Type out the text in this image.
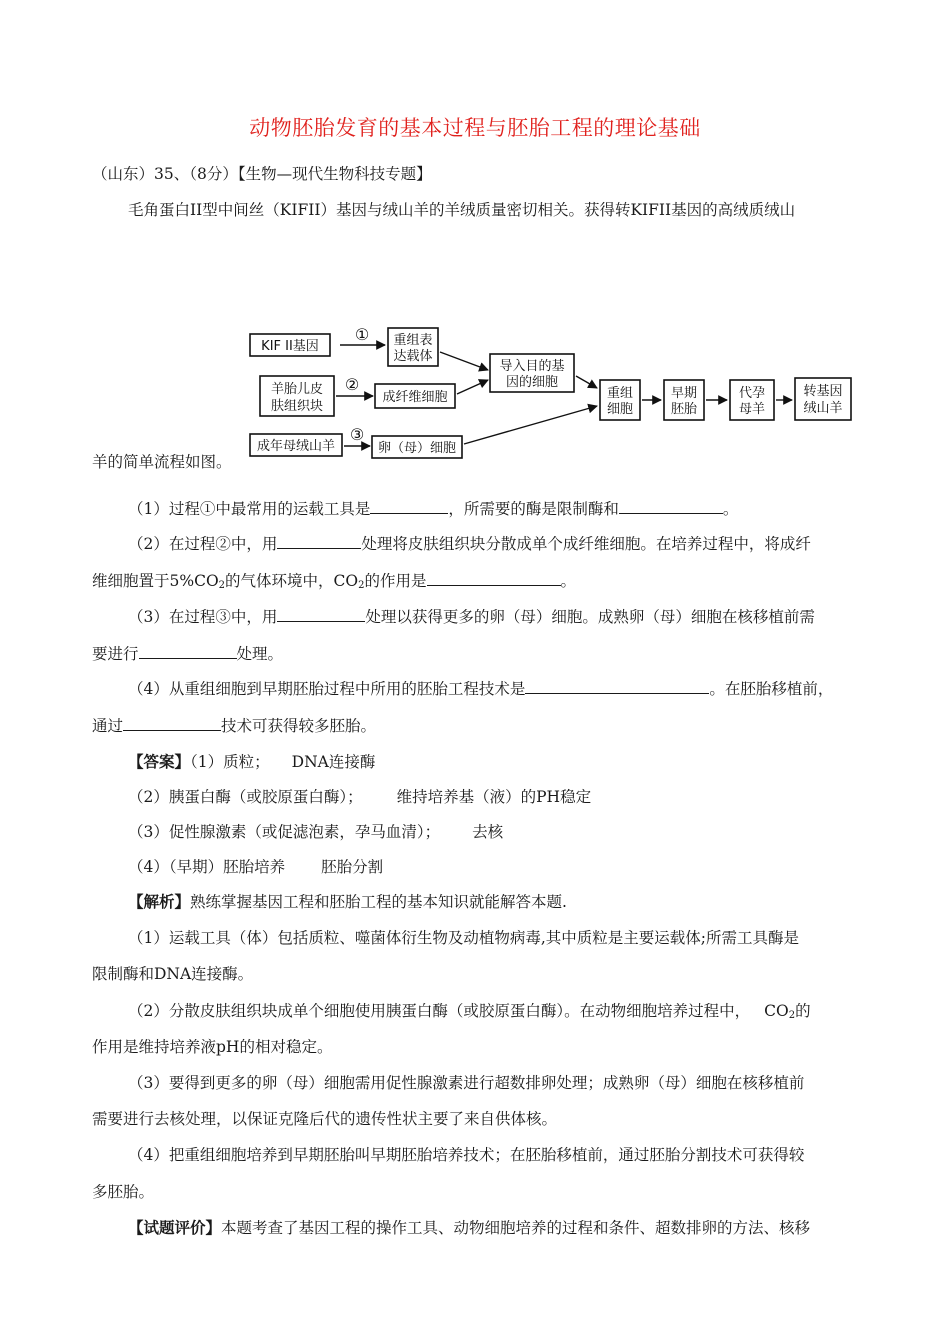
动物胚胎发育的基本过程与胚胎工程的理论基础
（山东）35、（8分）【生物—现代生物科技专题】
毛角蛋白II型中间丝（KIFII）基因与绒山羊的羊绒质量密切相关。获得转KIFII基因的高绒质绒山
KIF II基因
羊胎儿皮
肤组织块
成年母绒山羊
重组表
达载体
成纤维细胞
卵（母）细胞
导入目的基
因的细胞
重组
细胞
早期
胚胎
代孕
母羊
转基因
绒山羊
①
②
③
羊的简单流程如图。
（1）过程①中最常用的运载工具是	，所需要的酶是限制酶和	。
（2）在过程②中，用	处理将皮肤组织块分散成单个成纤维细胞。在培养过程中，将成纤
维细胞置于$5\%CO_2$的气体环境中，$CO_2$的作用是	。
（3）在过程③中，用	处理以获得更多的卵（母）细胞。成熟卵（母）细胞在核移植前需
要进行	处理。
（4）从重组细胞到早期胚胎过程中所用的胚胎工程技术是	。在胚胎移植前，
通过	技术可获得较多胚胎。
【答案】（1）质粒； DNA连接酶
（2）胰蛋白酶（或胶原蛋白酶）； 维持培养基（液）的PH稳定
（3）促性腺激素（或促滤泡素，孕马血清）； 去核
（4）（早期）胚胎培养 胚胎分割
【解析】熟练掌握基因工程和胚胎工程的基本知识就能解答本题.
（1）运载工具（体）包括质粒、噬菌体衍生物及动植物病毒,其中质粒是主要运载体;所需工具酶是
限制酶和DNA连接酶。
（2）分散皮肤组织块成单个细胞使用胰蛋白酶（或胶原蛋白酶）。在动物细胞培养过程中， $CO_2$的
作用是维持培养液pH的相对稳定。
（3）要得到更多的卵（母）细胞需用促性腺激素进行超数排卵处理；成熟卵（母）细胞在核移植前
需要进行去核处理，以保证克隆后代的遗传性状主要了来自供体核。
（4）把重组细胞培养到早期胚胎叫早期胚胎培养技术；在胚胎移植前，通过胚胎分割技术可获得较
多胚胎。
【试题评价】本题考查了基因工程的操作工具、动物细胞培养的过程和条件、超数排卵的方法、核移
